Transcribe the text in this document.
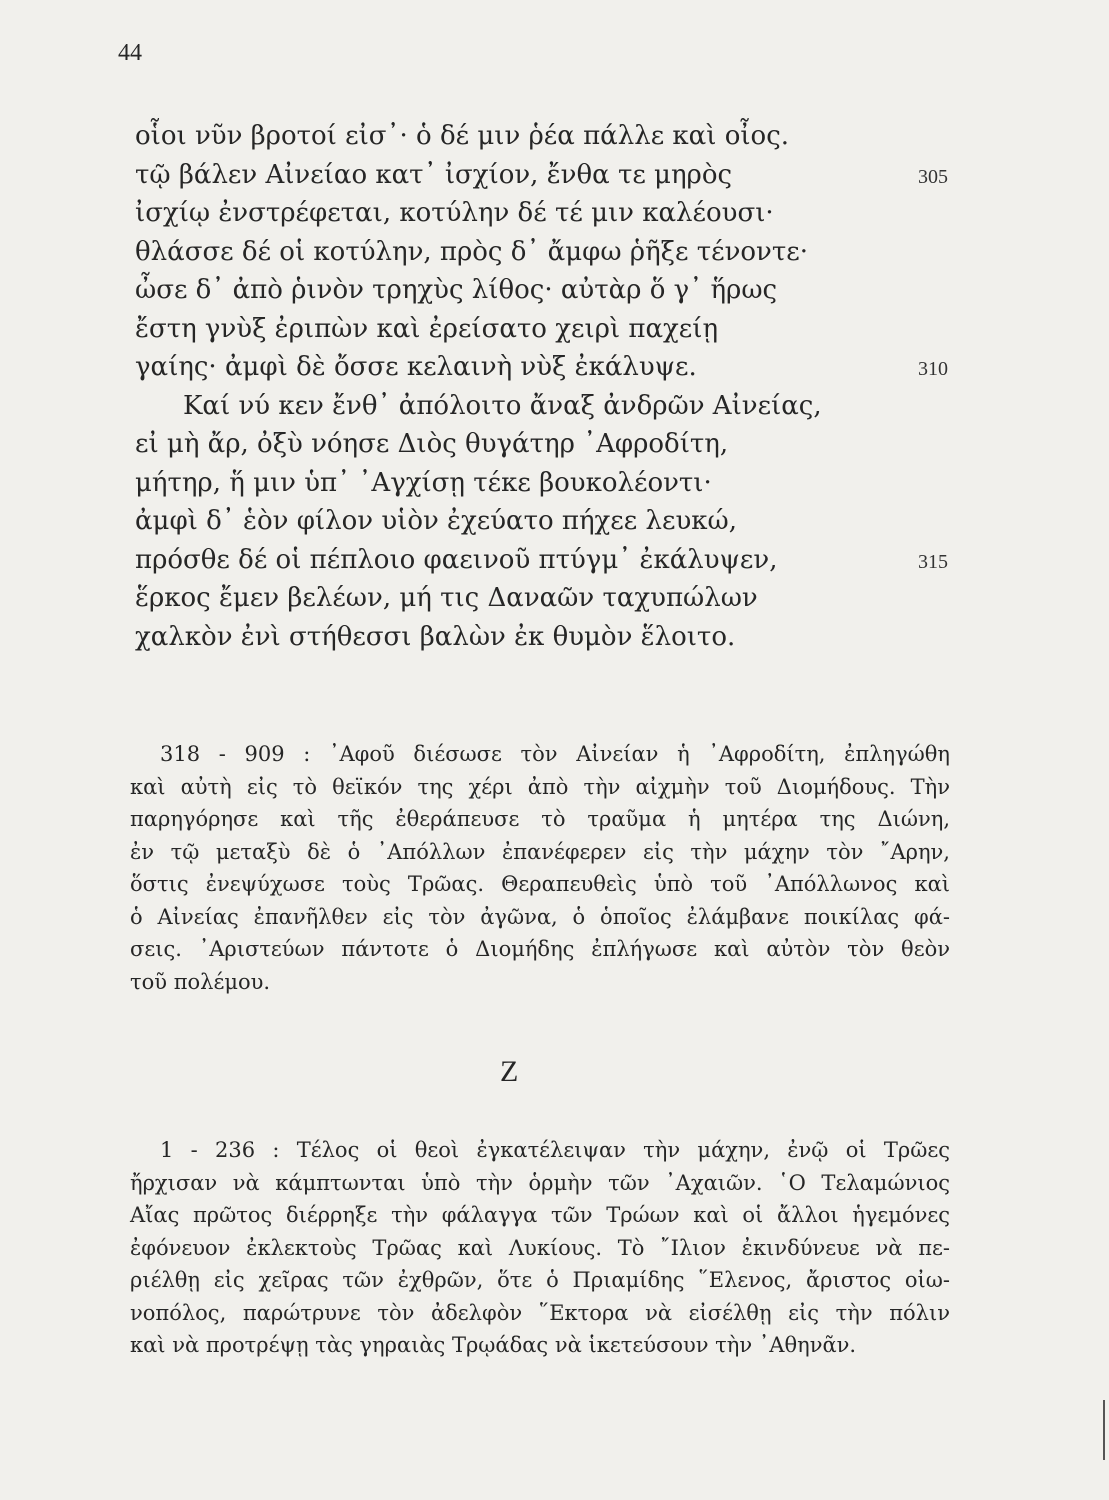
44
οἷοι νῦν βροτοί εἰσ᾽· ὁ δέ μιν ῥέα πάλλε καὶ οἶος.
τῷ βάλεν Αἰνείαο κατ᾽ ἰσχίον, ἔνθα τε μηρὸς	305
ἰσχίῳ ἐνστρέφεται, κοτύλην δέ τέ μιν καλέουσι·
θλάσσε δέ οἱ κοτύλην, πρὸς δ᾽ ἄμφω ῥῆξε τένοντε·
ὦσε δ᾽ ἀπὸ ῥινὸν τρηχὺς λίθος· αὐτὰρ ὅ γ᾽ ἥρως
ἔστη γνὺξ ἐριπὼν καὶ ἐρείσατο χειρὶ παχείῃ
γαίης· ἀμφὶ δὲ ὄσσε κελαινὴ νὺξ ἐκάλυψε.	310
Καί νύ κεν ἔνθ᾽ ἀπόλοιτο ἄναξ ἀνδρῶν Αἰνείας,
εἰ μὴ ἄρ, ὀξὺ νόησε Διὸς θυγάτηρ ᾿Αφροδίτη,
μήτηρ, ἥ μιν ὑπ᾽ ᾿Αγχίσῃ τέκε βουκολέοντι·
ἀμφὶ δ᾽ ἑὸν φίλον υἱὸν ἐχεύατο πήχεε λευκώ,
πρόσθε δέ οἱ πέπλοιο φαεινοῦ πτύγμ᾽ ἐκάλυψεν,	315
ἕρκος ἔμεν βελέων, μή τις Δαναῶν ταχυπώλων
χαλκὸν ἐνὶ στήθεσσι βαλὼν ἐκ θυμὸν ἕλοιτο.
318 - 909 : ᾿Αφοῦ διέσωσε τὸν Αἰνείαν ἡ ᾿Αφροδίτη, ἐπληγώθη
καὶ αὐτὴ εἰς τὸ θεϊκόν της χέρι ἀπὸ τὴν αἰχμὴν τοῦ Διομήδους. Τὴν
παρηγόρησε καὶ τῆς ἐθεράπευσε τὸ τραῦμα ἡ μητέρα της Διώνη,
ἐν τῷ μεταξὺ δὲ ὁ ᾿Απόλλων ἐπανέφερεν εἰς τὴν μάχην τὸν ῎Αρην,
ὅστις ἐνεψύχωσε τοὺς Τρῶας. Θεραπευθεὶς ὑπὸ τοῦ ᾿Απόλλωνος καὶ
ὁ Αἰνείας ἐπανῆλθεν εἰς τὸν ἀγῶνα, ὁ ὁποῖος ἐλάμβανε ποικίλας φά-
σεις. ᾿Αριστεύων πάντοτε ὁ Διομήδης ἐπλήγωσε καὶ αὐτὸν τὸν θεὸν
τοῦ πολέμου.
Z
1 - 236 : Τέλος οἱ θεοὶ ἐγκατέλειψαν τὴν μάχην, ἐνῷ οἱ Τρῶες
ἤρχισαν νὰ κάμπτωνται ὑπὸ τὴν ὁρμὴν τῶν ᾿Αχαιῶν. ῾Ο Τελαμώνιος
Αἴας πρῶτος διέρρηξε τὴν φάλαγγα τῶν Τρώων καὶ οἱ ἄλλοι ἡγεμόνες
ἐφόνευον ἐκλεκτοὺς Τρῶας καὶ Λυκίους. Τὸ ῎Ιλιον ἐκινδύνευε νὰ πε-
ριέλθῃ εἰς χεῖρας τῶν ἐχθρῶν, ὅτε ὁ Πριαμίδης ῞Ελενος, ἄριστος οἰω-
νοπόλος, παρώτρυνε τὸν ἀδελφὸν ῞Εκτορα νὰ εἰσέλθῃ εἰς τὴν πόλιν
καὶ νὰ προτρέψῃ τὰς γηραιὰς Τρῳάδας νὰ ἱκετεύσουν τὴν ᾿Αθηνᾶν.
